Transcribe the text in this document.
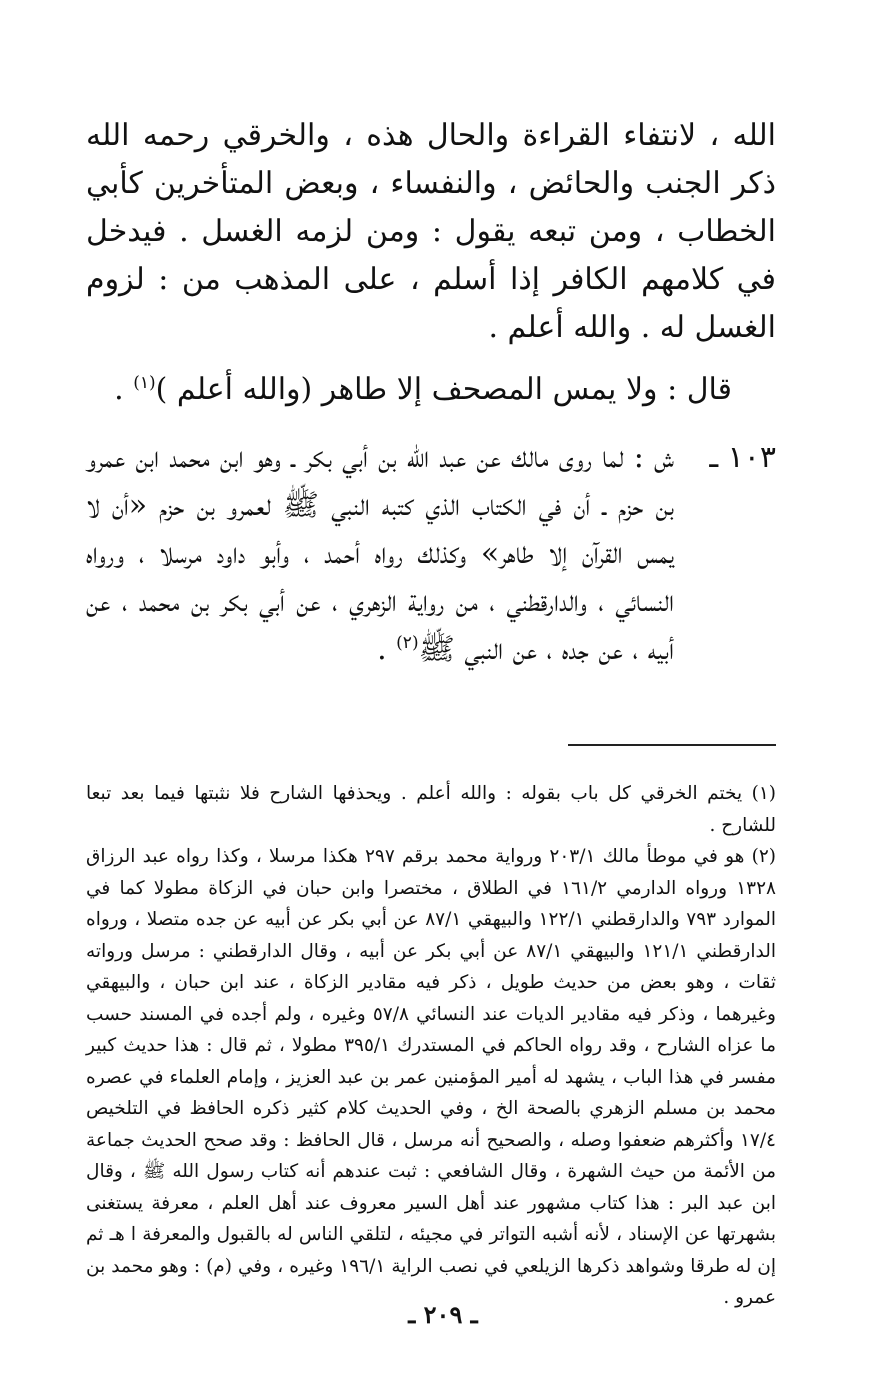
الله ، لانتفاء القراءة والحال هذه ، والخرقي رحمه الله ذكر الجنب والحائض ، والنفساء ، وبعض المتأخرين كأبي الخطاب ، ومن تبعه يقول : ومن لزمه الغسل . فيدخل في كلامهم الكافر إذا أسلم ، على المذهب من : لزوم الغسل له . والله أعلم .

قال : ولا يمس المصحف إلا طاهر (والله أعلم )$^{(١)}$ .

١٠٣ ـ
ش : لما روى مالك عن عبد الله بن أبي بكر ـ وهو ابن محمد ابن عمرو بن حزم ـ أن في الكتاب الذي كتبه النبي ﷺ لعمرو بن حزم «أن لا يمس القرآن إلا طاهر» وكذلك رواه أحمد ، وأبو داود مرسلا ، ورواه النسائي ، والدارقطني ، من رواية الزهري ، عن أبي بكر بن محمد ، عن أبيه ، عن جده ، عن النبي ﷺ$^{(٢)}$ .

(١) يختم الخرقي كل باب بقوله : والله أعلم . ويحذفها الشارح فلا نثبتها فيما بعد تبعا للشارح .

(٢) هو في موطأ مالك ٢٠٣/١ ورواية محمد برقم ٢٩٧ هكذا مرسلا ، وكذا رواه عبد الرزاق ١٣٢٨ ورواه الدارمي ١٦١/٢ في الطلاق ، مختصرا وابن حبان في الزكاة مطولا كما في الموارد ٧٩٣ والدارقطني ١٢٢/١ والبيهقي ٨٧/١ عن أبي بكر عن أبيه عن جده متصلا ، ورواه الدارقطني ١٢١/١ والبيهقي ٨٧/١ عن أبي بكر عن أبيه ، وقال الدارقطني : مرسل ورواته ثقات ، وهو بعض من حديث طويل ، ذكر فيه مقادير الزكاة ، عند ابن حبان ، والبيهقي وغيرهما ، وذكر فيه مقادير الديات عند النسائي ٥٧/٨ وغيره ، ولم أجده في المسند حسب ما عزاه الشارح ، وقد رواه الحاكم في المستدرك ٣٩٥/١ مطولا ، ثم قال : هذا حديث كبير مفسر في هذا الباب ، يشهد له أمير المؤمنين عمر بن عبد العزيز ، وإمام العلماء في عصره محمد بن مسلم الزهري بالصحة الخ ، وفي الحديث كلام كثير ذكره الحافظ في التلخيص ١٧/٤ وأكثرهم ضعفوا وصله ، والصحيح أنه مرسل ، قال الحافظ : وقد صحح الحديث جماعة من الأئمة من حيث الشهرة ، وقال الشافعي : ثبت عندهم أنه كتاب رسول الله ﷺ ، وقال ابن عبد البر : هذا كتاب مشهور عند أهل السير معروف عند أهل العلم ، معرفة يستغنى بشهرتها عن الإسناد ، لأنه أشبه التواتر في مجيئه ، لتلقي الناس له بالقبول والمعرفة ا هـ ثم إن له طرقا وشواهد ذكرها الزيلعي في نصب الراية ١٩٦/١ وغيره ، وفي (م) : وهو محمد بن عمرو .

ـ ٢٠٩ ـ
